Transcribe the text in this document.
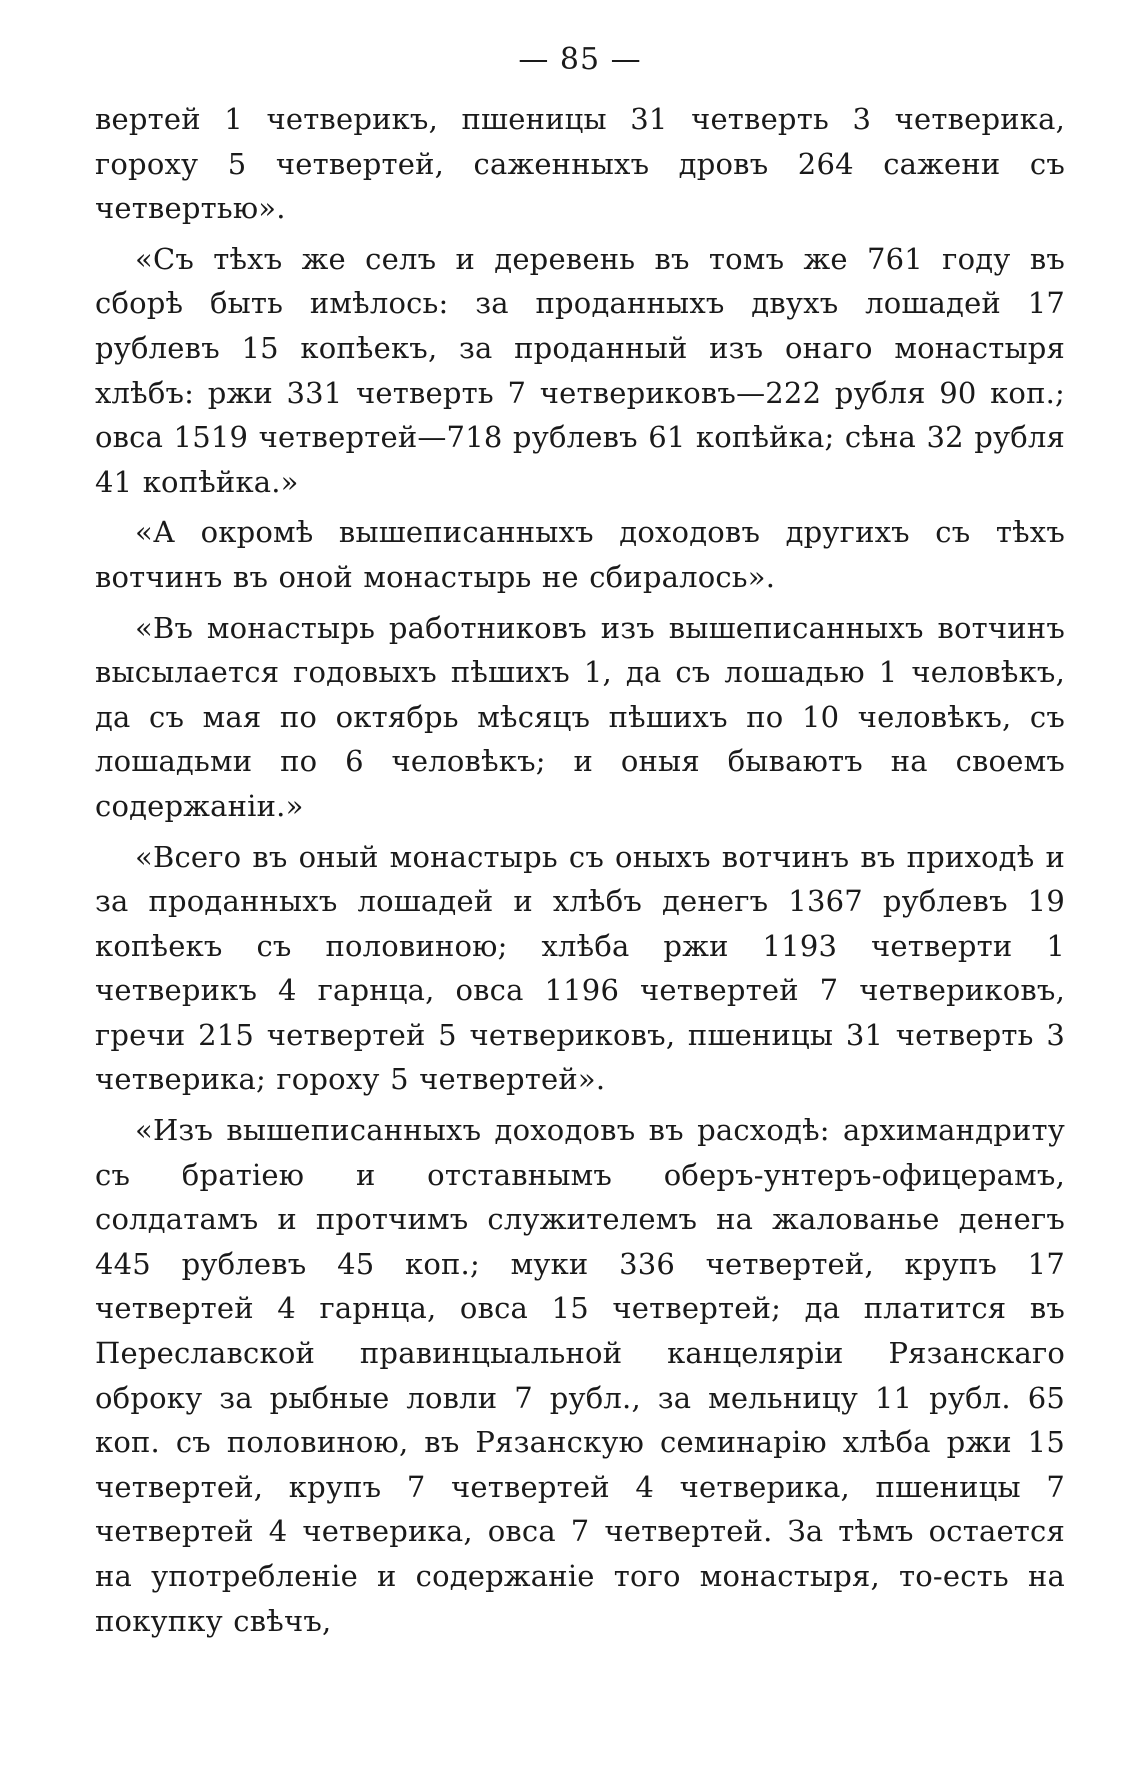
— 85 —

вертей 1 четверикъ, пшеницы 31 четверть 3 четверика, гороху 5 четвертей, саженныхъ дровъ 264 сажени съ четвертью».

«Съ тѣхъ же селъ и деревень въ томъ же 761 году въ сборѣ быть имѣлось: за проданныхъ двухъ лошадей 17 рублевъ 15 копѣекъ, за проданный изъ онаго монастыря хлѣбъ: ржи 331 четверть 7 четвериковъ—222 рубля 90 коп.; овса 1519 четвертей—718 рублевъ 61 копѣйка; сѣна 32 рубля 41 копѣйка.»

«А окромѣ вышеписанныхъ доходовъ другихъ съ тѣхъ вотчинъ въ оной монастырь не сбиралось».

«Въ монастырь работниковъ изъ вышеписанныхъ вотчинъ высылается годовыхъ пѣшихъ 1, да съ лошадью 1 человѣкъ, да съ мая по октябрь мѣсяцъ пѣшихъ по 10 человѣкъ, съ лошадьми по 6 человѣкъ; и оныя бываютъ на своемъ содержаніи.»

«Всего въ оный монастырь съ оныхъ вотчинъ въ приходѣ и за проданныхъ лошадей и хлѣбъ денегъ 1367 рублевъ 19 копѣекъ съ половиною; хлѣба ржи 1193 четверти 1 четверикъ 4 гарнца, овса 1196 четвертей 7 четвериковъ, гречи 215 четвертей 5 четвериковъ, пшеницы 31 четверть 3 четверика; гороху 5 четвертей».

«Изъ вышеписанныхъ доходовъ въ расходѣ: архимандриту съ братіею и отставнымъ оберъ-унтеръ-офицерамъ, солдатамъ и протчимъ служителемъ на жалованье денегъ 445 рублевъ 45 коп.; муки 336 четвертей, крупъ 17 четвертей 4 гарнца, овса 15 четвертей; да платится въ Переславской правинцыальной канцеляріи Рязанскаго оброку за рыбные ловли 7 рубл., за мельницу 11 рубл. 65 коп. съ половиною, въ Рязанскую семинарію хлѣба ржи 15 четвертей, крупъ 7 четвертей 4 четверика, пшеницы 7 четвертей 4 четверика, овса 7 четвертей. За тѣмъ остается на употребленіе и содержаніе того монастыря, то-есть на покупку свѣчъ,
